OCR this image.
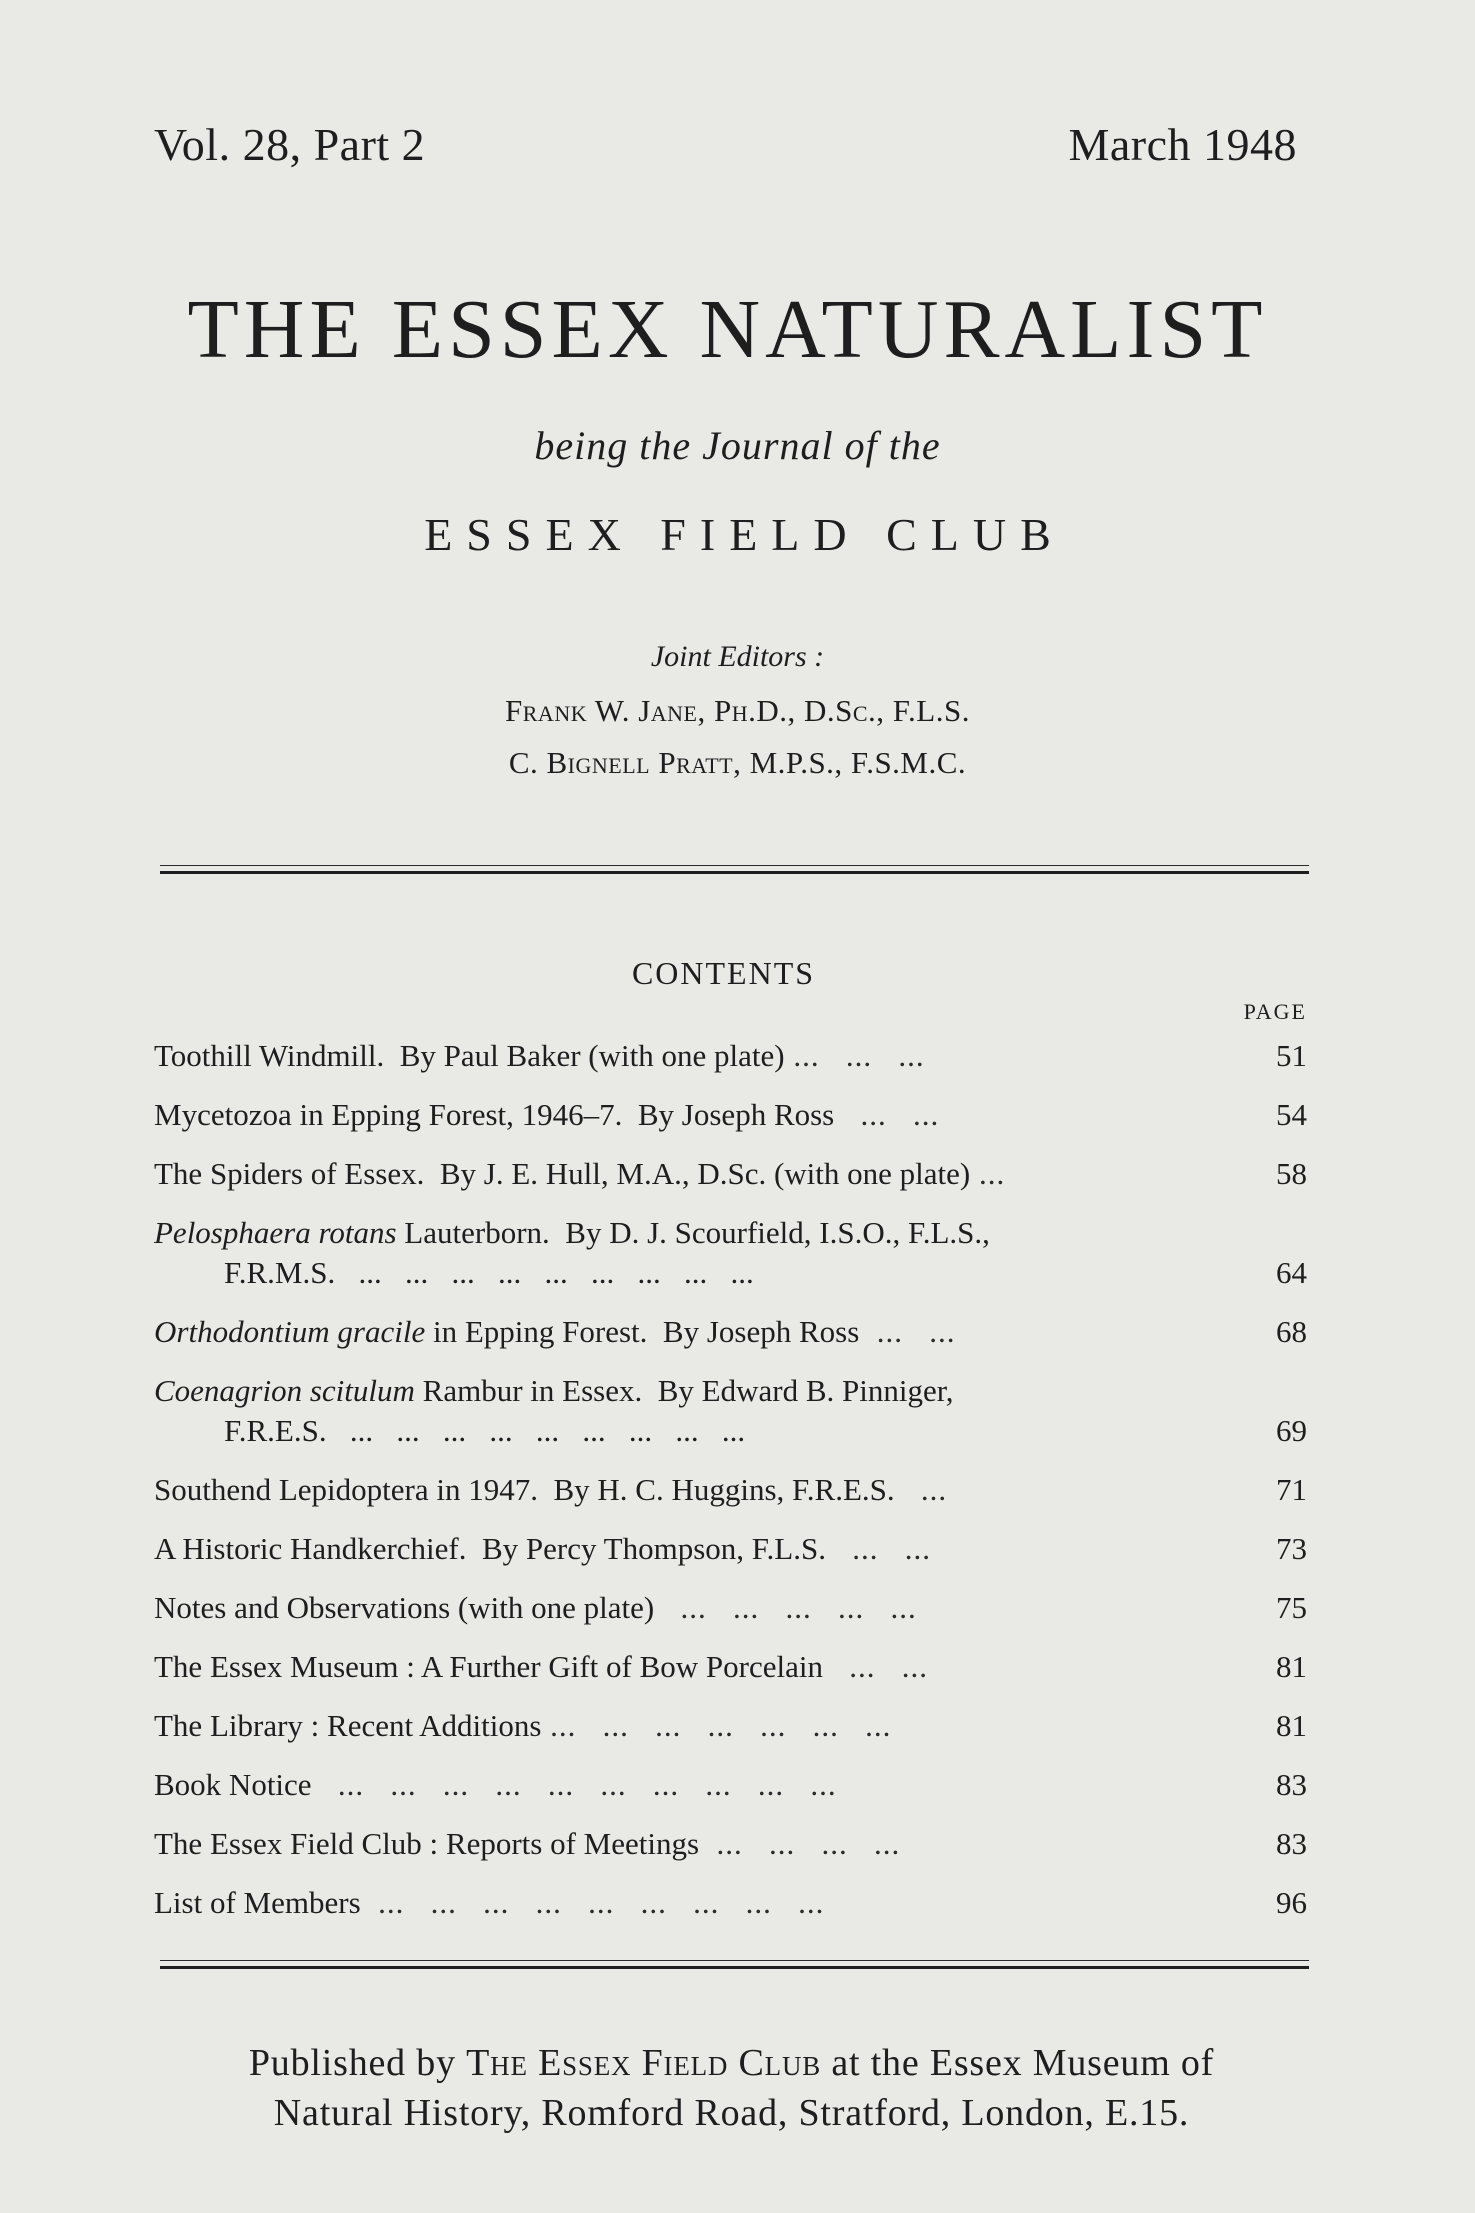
Vol. 28, Part 2	March 1948
THE ESSEX NATURALIST
being the Journal of the
ESSEX FIELD CLUB
Joint Editors :
Frank W. Jane, Ph.D., D.Sc., F.L.S.
C. Bignell Pratt, M.P.S., F.S.M.C.
CONTENTS
PAGE
Toothill Windmill.  By Paul Baker (with one plate) ...   ...   ...	51
Mycetozoa in Epping Forest, 1946–7.  By Joseph Ross   ...   ...	54
The Spiders of Essex.  By J. E. Hull, M.A., D.Sc. (with one plate) ...	58
Pelosphaera rotans Lauterborn.  By D. J. Scourfield, I.S.O., F.L.S.,
F.R.M.S.   ...   ...   ...   ...   ...   ...   ...   ...   ...	64
Orthodontium gracile in Epping Forest.  By Joseph Ross  ...   ...	68
Coenagrion scitulum Rambur in Essex.  By Edward B. Pinniger,
F.R.E.S.   ...   ...   ...   ...   ...   ...   ...   ...   ...	69
Southend Lepidoptera in 1947.  By H. C. Huggins, F.R.E.S.   ...	71
A Historic Handkerchief.  By Percy Thompson, F.L.S.   ...   ...	73
Notes and Observations (with one plate)   ...   ...   ...   ...   ...	75
The Essex Museum : A Further Gift of Bow Porcelain   ...   ...	81
The Library : Recent Additions ...   ...   ...   ...   ...   ...   ...	81
Book Notice   ...   ...   ...   ...   ...   ...   ...   ...   ...   ...	83
The Essex Field Club : Reports of Meetings  ...   ...   ...   ...	83
List of Members  ...   ...   ...   ...   ...   ...   ...   ...   ...	96
Published by The Essex Field Club at the Essex Museum of
Natural History, Romford Road, Stratford, London, E.15.
